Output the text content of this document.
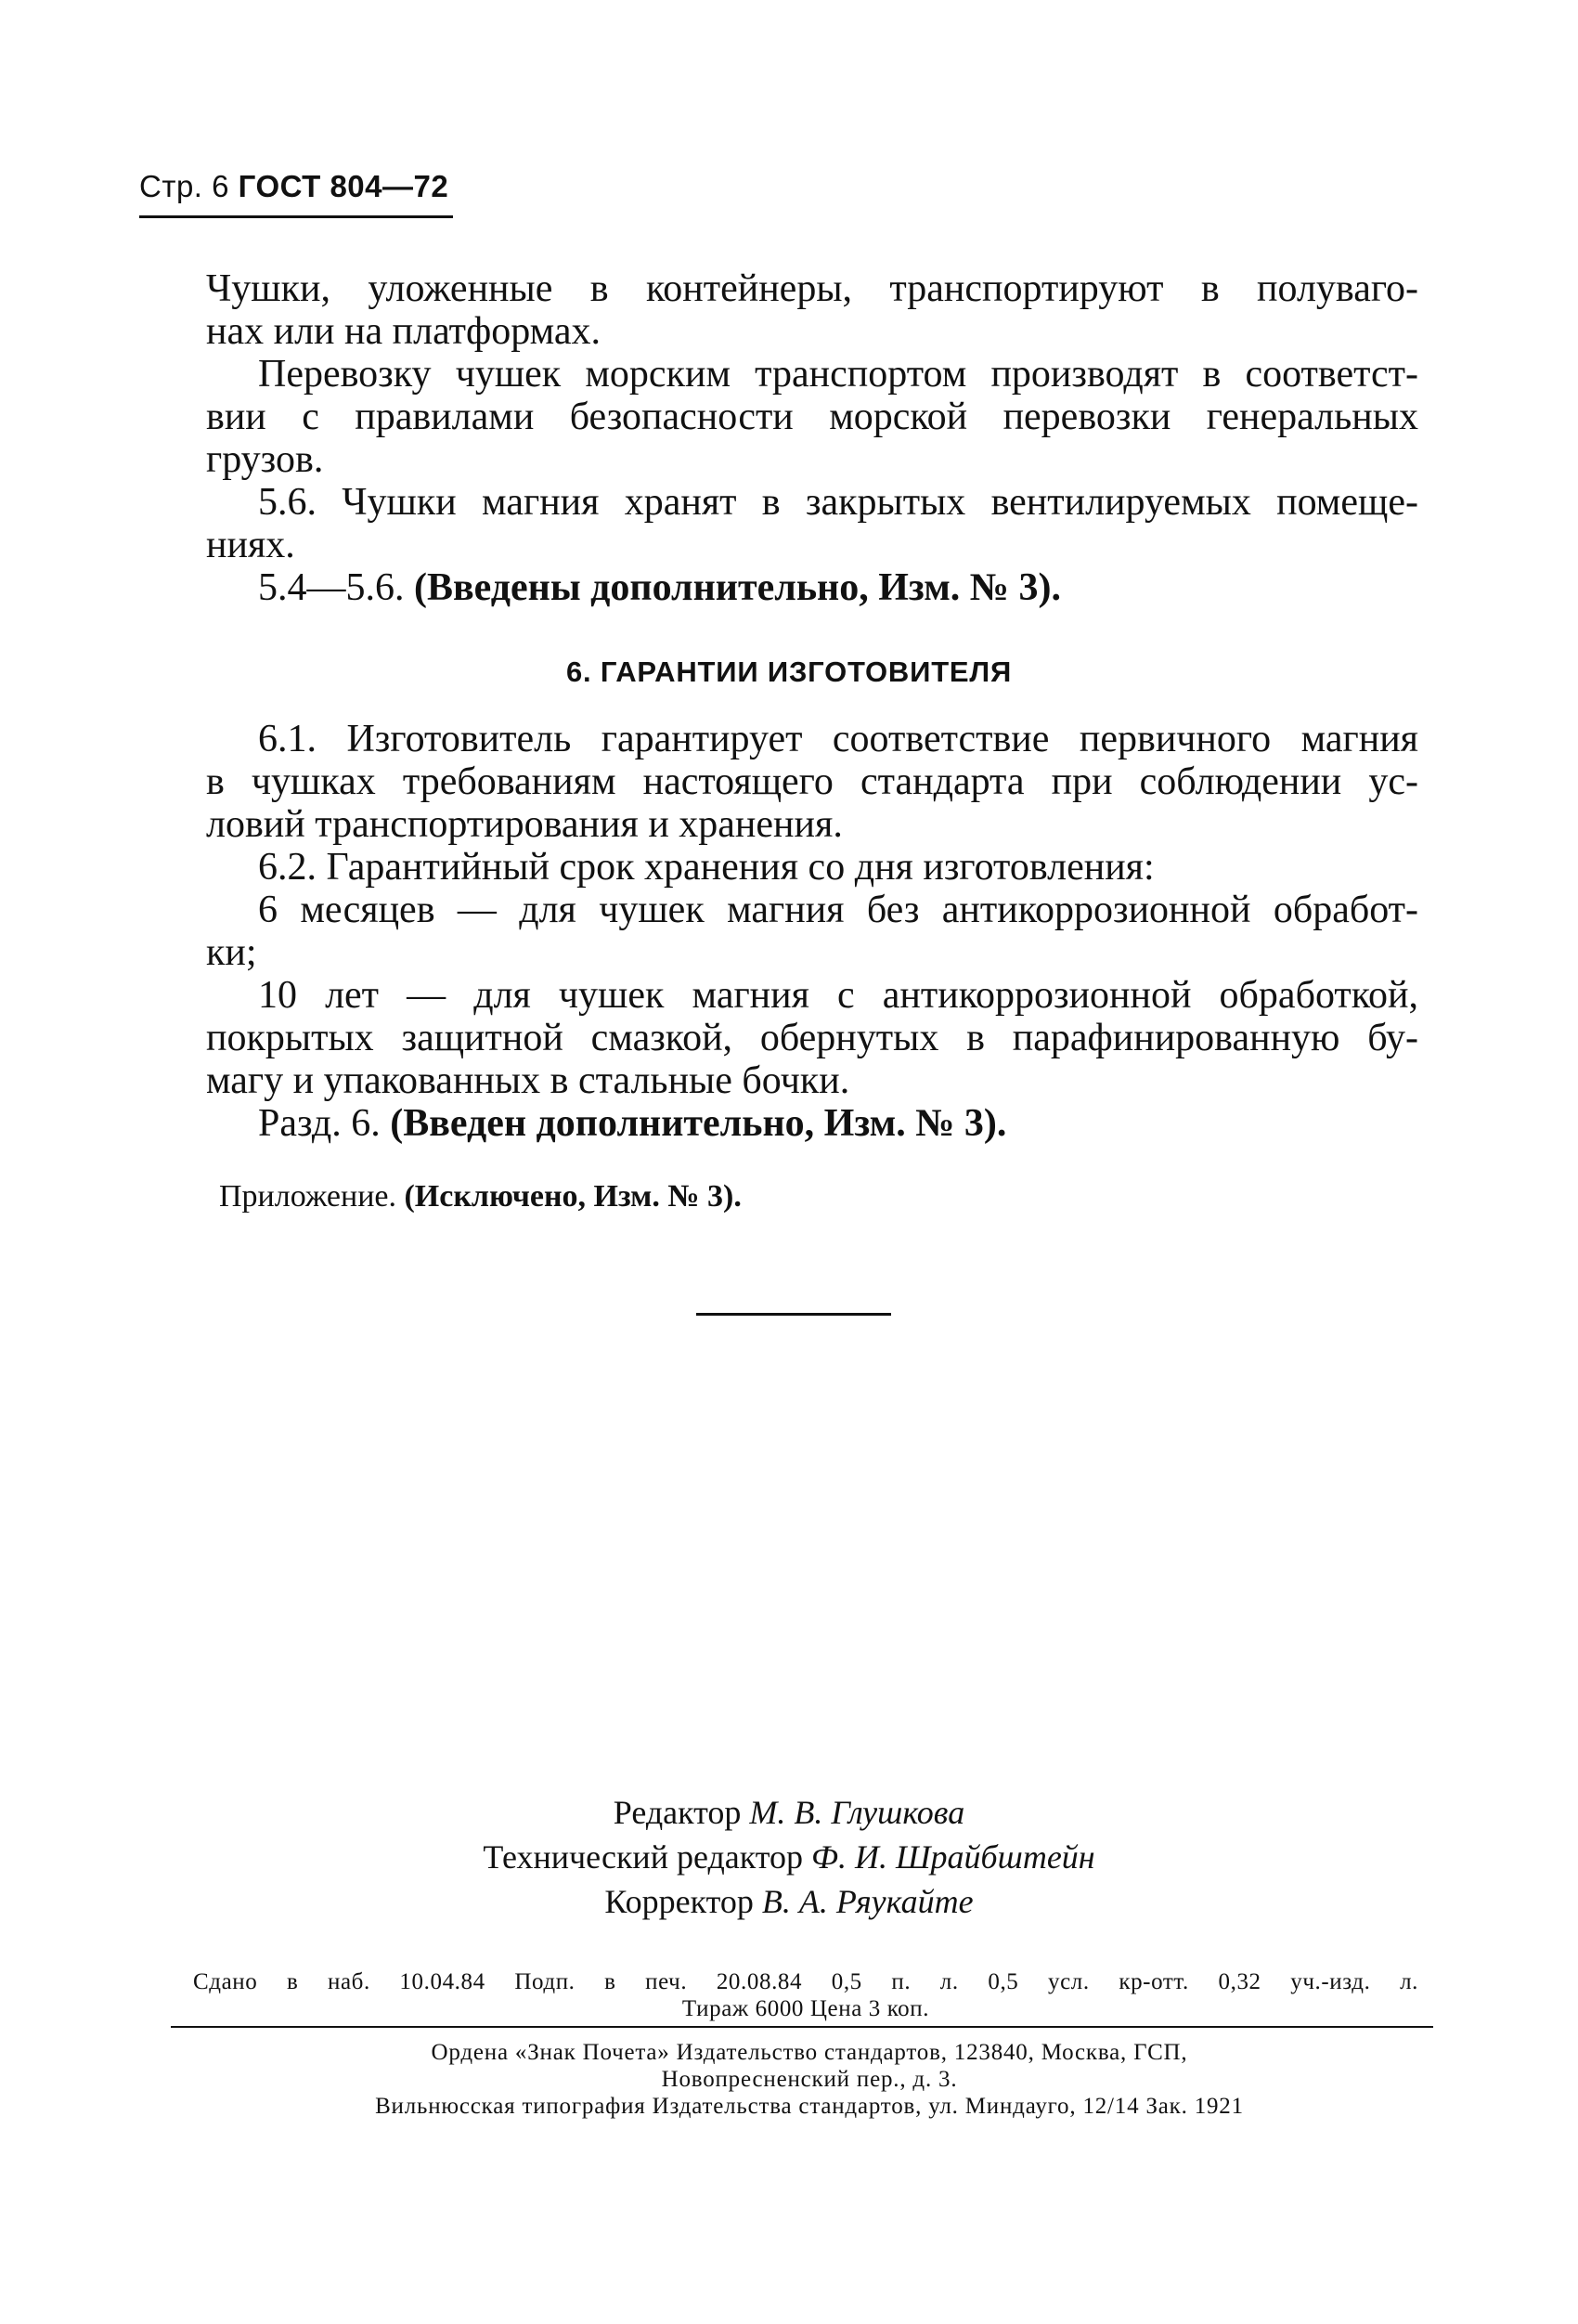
Стр. 6 ГОСТ 804—72
Чушки, уложенные в контейнеры, транспортируют в полуваго-
нах или на платформах.
Перевозку чушек морским транспортом производят в соответст-
вии с правилами безопасности морской перевозки генеральных
грузов.
5.6. Чушки магния хранят в закрытых вентилируемых помеще-
ниях.
5.4—5.6. (Введены дополнительно, Изм. № 3).
6. ГАРАНТИИ ИЗГОТОВИТЕЛЯ
6.1. Изготовитель гарантирует соответствие первичного магния
в чушках требованиям настоящего стандарта при соблюдении ус-
ловий транспортирования и хранения.
6.2. Гарантийный срок хранения со дня изготовления:
6 месяцев — для чушек магния без антикоррозионной обработ-
ки;
10 лет — для чушек магния с антикоррозионной обработкой,
покрытых защитной смазкой, обернутых в парафинированную бу-
магу и упакованных в стальные бочки.
Разд. 6. (Введен дополнительно, Изм. № 3).
Приложение. (Исключено, Изм. № 3).
Редактор М. В. Глушкова
Технический редактор Ф. И. Шрайбштейн
Корректор В. А. Ряукайте
Сдано в наб. 10.04.84 Подп. в печ. 20.08.84 0,5 п. л. 0,5 усл. кр-отт. 0,32 уч.-изд. л.
Тираж 6000 Цена 3 коп.
Ордена «Знак Почета» Издательство стандартов, 123840, Москва, ГСП,
Новопресненский пер., д. 3.
Вильнюсская типография Издательства стандартов, ул. Миндауго, 12/14 Зак. 1921
